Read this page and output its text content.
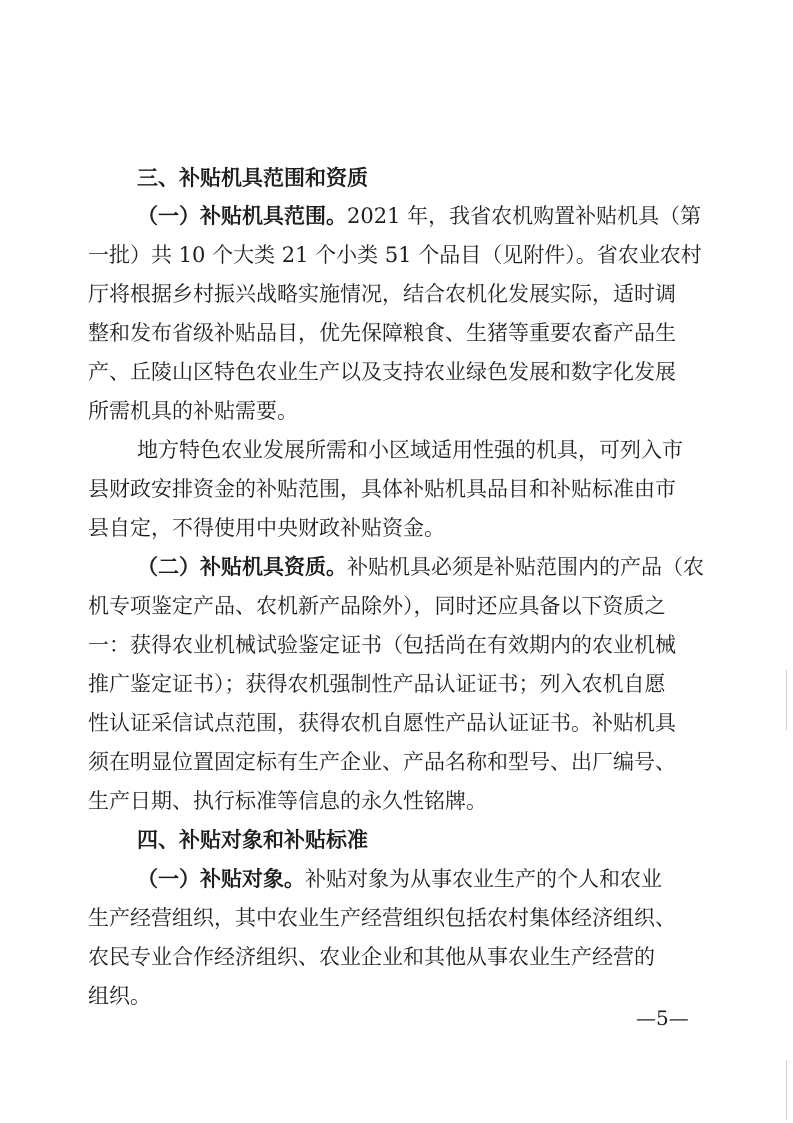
三、补贴机具范围和资质
（一）补贴机具范围。2021 年，我省农机购置补贴机具（第
一批）共 10 个大类 21 个小类 51 个品目（见附件）。省农业农村
厅将根据乡村振兴战略实施情况，结合农机化发展实际，适时调
整和发布省级补贴品目，优先保障粮食、生猪等重要农畜产品生
产、丘陵山区特色农业生产以及支持农业绿色发展和数字化发展
所需机具的补贴需要。
地方特色农业发展所需和小区域适用性强的机具，可列入市
县财政安排资金的补贴范围，具体补贴机具品目和补贴标准由市
县自定，不得使用中央财政补贴资金。
（二）补贴机具资质。补贴机具必须是补贴范围内的产品（农
机专项鉴定产品、农机新产品除外），同时还应具备以下资质之
一：获得农业机械试验鉴定证书（包括尚在有效期内的农业机械
推广鉴定证书）；获得农机强制性产品认证证书；列入农机自愿
性认证采信试点范围，获得农机自愿性产品认证证书。补贴机具
须在明显位置固定标有生产企业、产品名称和型号、出厂编号、
生产日期、执行标准等信息的永久性铭牌。
四、补贴对象和补贴标准
（一）补贴对象。补贴对象为从事农业生产的个人和农业
生产经营组织，其中农业生产经营组织包括农村集体经济组织、
农民专业合作经济组织、农业企业和其他从事农业生产经营的
组织。
—5—
